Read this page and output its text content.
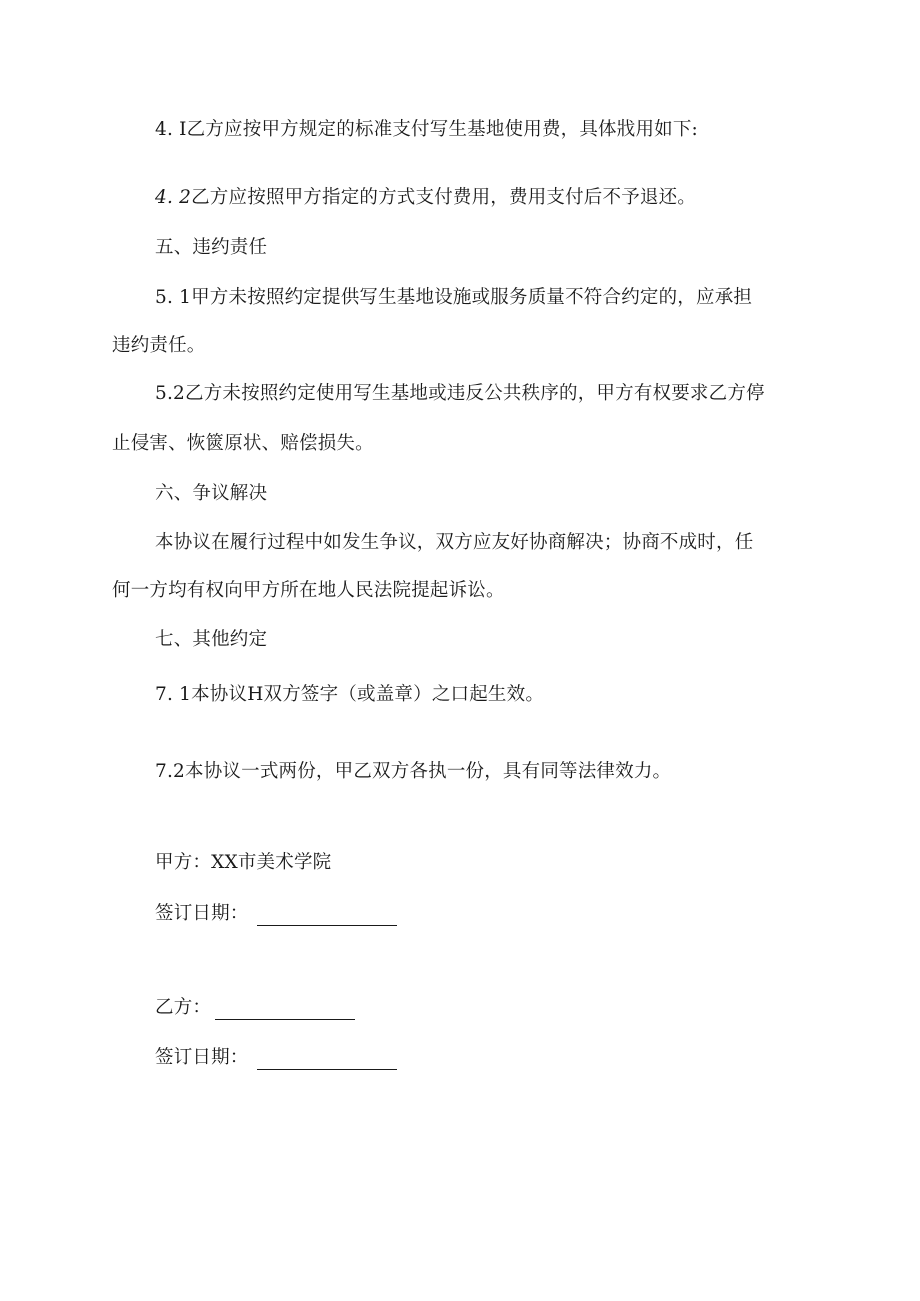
4. I乙方应按甲方规定的标准支付写生基地使用费，具体戕用如下:
4. 2乙方应按照甲方指定的方式支付费用，费用支付后不予退还。
五、违约责任
5. 1甲方未按照约定提供写生基地设施或服务质量不符合约定的，应承担
违约责任。
5.2乙方未按照约定使用写生基地或违反公共秩序的，甲方有权要求乙方停
止侵害、恢篋原状、赔偿损失。
六、争议解决
本协议在履行过程中如发生争议，双方应友好协商解决；协商不成时，任
何一方均有权向甲方所在地人民法院提起诉讼。
七、其他约定
7. 1本协议H双方签字（或盖章）之口起生效。
7.2本协议一式两份，甲乙双方各执一份，具有同等法律效力。
甲方：XX市美术学院
签订日期：
乙方：
签订日期：
